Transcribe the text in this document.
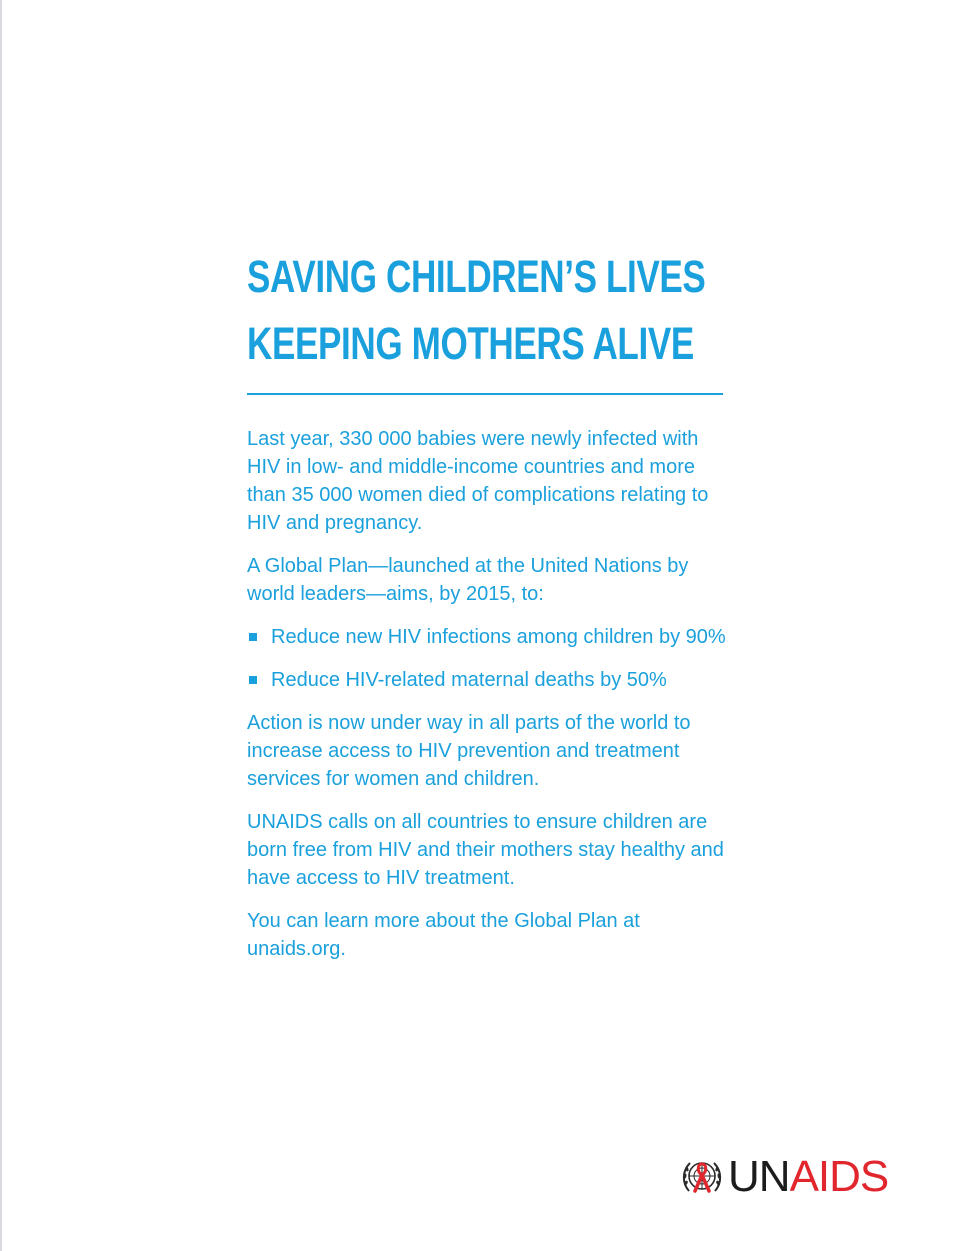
SAVING CHILDREN’S LIVES
KEEPING MOTHERS ALIVE

Last year, 330 000 babies were newly infected with HIV in low- and middle-income countries and more than 35 000 women died of complications relating to HIV and pregnancy.

A Global Plan—launched at the United Nations by world leaders—aims, by 2015, to:

Reduce new HIV infections among children by 90%
Reduce HIV-related maternal deaths by 50%

Action is now under way in all parts of the world to increase access to HIV prevention and treatment services for women and children.

UNAIDS calls on all countries to ensure children are born free from HIV and their mothers stay healthy and have access to HIV treatment.

You can learn more about the Global Plan at unaids.org.

UNAIDS
